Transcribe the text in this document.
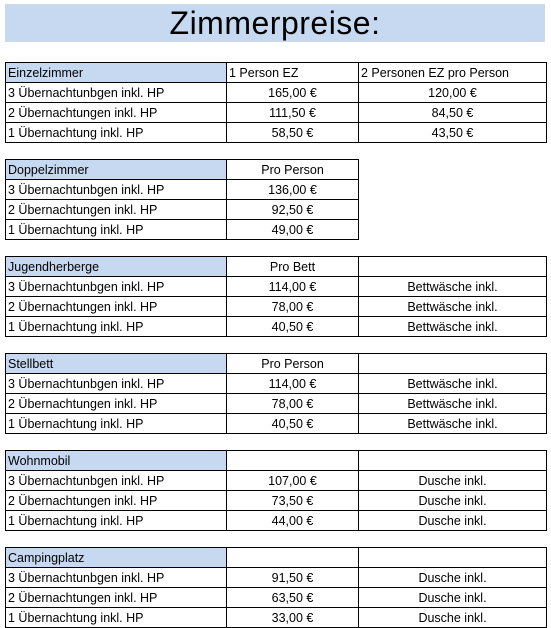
Zimmerpreise:
Einzelzimmer	1 Person EZ	2 Personen EZ pro Person
3 Übernachtunbgen inkl. HP	165,00 €	120,00 €
2 Übernachtungen inkl. HP	111,50 €	84,50 €
1 Übernachtung inkl. HP	58,50 €	43,50 €
Doppelzimmer	Pro Person
3 Übernachtunbgen inkl. HP	136,00 €
2 Übernachtungen inkl. HP	92,50 €
1 Übernachtung inkl. HP	49,00 €
Jugendherberge	Pro Bett	
3 Übernachtunbgen inkl. HP	114,00 €	Bettwäsche inkl.
2 Übernachtungen inkl. HP	78,00 €	Bettwäsche inkl.
1 Übernachtung inkl. HP	40,50 €	Bettwäsche inkl.
Stellbett	Pro Person	
3 Übernachtunbgen inkl. HP	114,00 €	Bettwäsche inkl.
2 Übernachtungen inkl. HP	78,00 €	Bettwäsche inkl.
1 Übernachtung inkl. HP	40,50 €	Bettwäsche inkl.
Wohnmobil		
3 Übernachtunbgen inkl. HP	107,00 €	Dusche inkl.
2 Übernachtungen inkl. HP	73,50 €	Dusche inkl.
1 Übernachtung inkl. HP	44,00 €	Dusche inkl.
Campingplatz		
3 Übernachtunbgen inkl. HP	91,50 €	Dusche inkl.
2 Übernachtungen inkl. HP	63,50 €	Dusche inkl.
1 Übernachtung inkl. HP	33,00 €	Dusche inkl.
